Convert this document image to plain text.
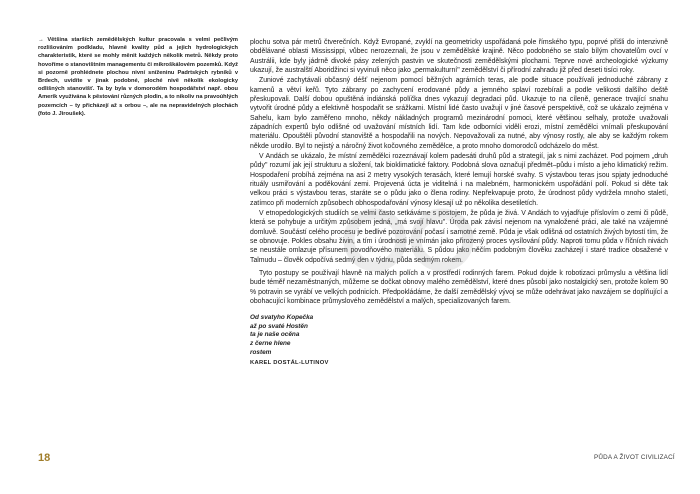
→ Většina starších zemědělských kultur pracovala s velmi pečlivým rozlišováním podkladu, hlavně kvality půd a jejich hydrologických charakteristik, které se mohly měnit každých několik metrů. Někdy proto hovoříme o stanovištním managementu či mikroškálovém pozemků. Když si pozorně prohlédnete plochou nivní sníženinu Padrtských rybníků v Brdech, uvidíte v jinak podobné, ploché nivě několik ekologicky odlišných stanovišť. Ta by byla v domorodém hospodářství např. obou Amerik využívána k pěstování různých plodin, a to nikoliv na pravoúhlých pozemcích – ty přicházejí až s orbou –, ale na nepravidelných plochách (foto J. Jiroušek).

plochu sotva pár metrů čtverečních. Když Evropané, zvyklí na geometricky uspořádaná pole římského typu, poprvé přišli do intenzivně obdělávané oblasti Mississippi, vůbec nerozeznali, že jsou v zemědělské krajině. Něco podobného se stalo bílým chovatelům ovcí v Austrálii, kde byly jádrně divoké pásy zelených pastvin ve skutečnosti zemědělskými plochami. Teprve nové archeologické výzkumy ukazují, že australští Aboridžinci si vyvinuli něco jako „permakulturní" zemědělství či přírodní zahradu již před deseti tisíci roky.

Zuniové zachytávali občasný déšť nejenom pomocí běžných agrárních teras, ale podle situace používali jednoduché zábrany z kamenů a větví keřů. Tyto zábrany po zachycení erodované půdy a jemného splaví rozebírali a podle velikosti dalšího deště přeskupovali. Další dobou opuštěná indiánská políčka dnes vykazují degradaci půd. Ukazuje to na cíleně, generace trvající snahu vytvořit úrodné půdy a efektivně hospodařit se srážkami. Místní lidé často uvažují v jiné časové perspektivě, což se ukázalo zejména v Sahelu, kam bylo zaměřeno mnoho, někdy nákladných programů mezinárodní pomoci, které většinou selhaly, protože uvažovali západních expertů bylo odlišné od uvažování místních lidí. Tam kde odborníci viděli erozi, místní zemědělci vnímali přeskupování materiálu. Opouštěli původní stanoviště a hospodařili na nových. Nepovažovali za nutné, aby výnosy rostly, ale aby se každým rokem někde urodilo. Byl to nejistý a náročný život kočovného zemědělce, a proto mnoho domorodců odcházelo do měst.

V Andách se ukázalo, že místní zemědělci rozeznávají kolem padesáti druhů půd a strategií, jak s nimi zacházet. Pod pojmem „druh půdy" rozumí jak její strukturu a složení, tak bioklimatické faktory. Podobná slova označují předmět–půdu i místo a jeho klimatický režim. Hospodaření probíhá zejména na asi 2 metry vysokých terasách, které lemují horské svahy. S výstavbou teras jsou spjaty jednoduché rituály usmiřování a poděkování zemi. Projevená úcta je viditelná i na malebném, harmonickém uspořádání polí. Pokud si děte tak velkou práci s výstavbou teras, staráte se o půdu jako o člena rodiny. Nepřekvapuje proto, že úrodnost půdy vydržela mnoho staletí, zatímco při moderních způsobech obhospodařování výnosy klesají už po několika desetiletích.

V etnopedologických studiích se velmi často setkáváme s postojem, že půda je živá. V Andách to vyjadřuje příslovím o zemi či půdě, která se pohybuje a určitým způsobem jedná, „má svojí hlavu". Úroda pak závisí nejenom na vynaložené práci, ale také na vzájemné domluvě. Součástí celého procesu je bedlivé pozorování počasí i samotné země. Půda je však odlišná od ostatních živých bytostí tím, že se obnovuje. Pokles obsahu živin, a tím i úrodnosti je vnímán jako přirozený proces vysílování půdy. Naproti tomu půda v říčních nivách se neustále omlazuje přísunem povodňového materiálu. S půdou jako něčím podobným člověku zacházejí i staré tradice obsažené v Talmudu – člověk odpočívá sedmý den v týdnu, půda sedmým rokem.

Tyto postupy se používají hlavně na malých polích a v prostředí rodinných farem. Pokud dojde k robotizaci průmyslu a většina lidí bude téměř nezaměstnaných, můžeme se dočkat obnovy malého zemědělství, které dnes působí jako nostalgický sen, protože kolem 90 % potravin se vyrábí ve velkých podnicích. Předpokládáme, že další zemědělský vývoj se může odehrávat jako navzájem se doplňující a obohacující kombinace průmyslového zemědělství a malých, specializovaných farem.

Od svatyho Kopečka
až po svaté Hostěn
ta je naše ocěna
z černe hlene
rostem
KAREL DOSTÁL-LUTINOV
18	PŮDA A ŽIVOT CIVILIZACÍ
